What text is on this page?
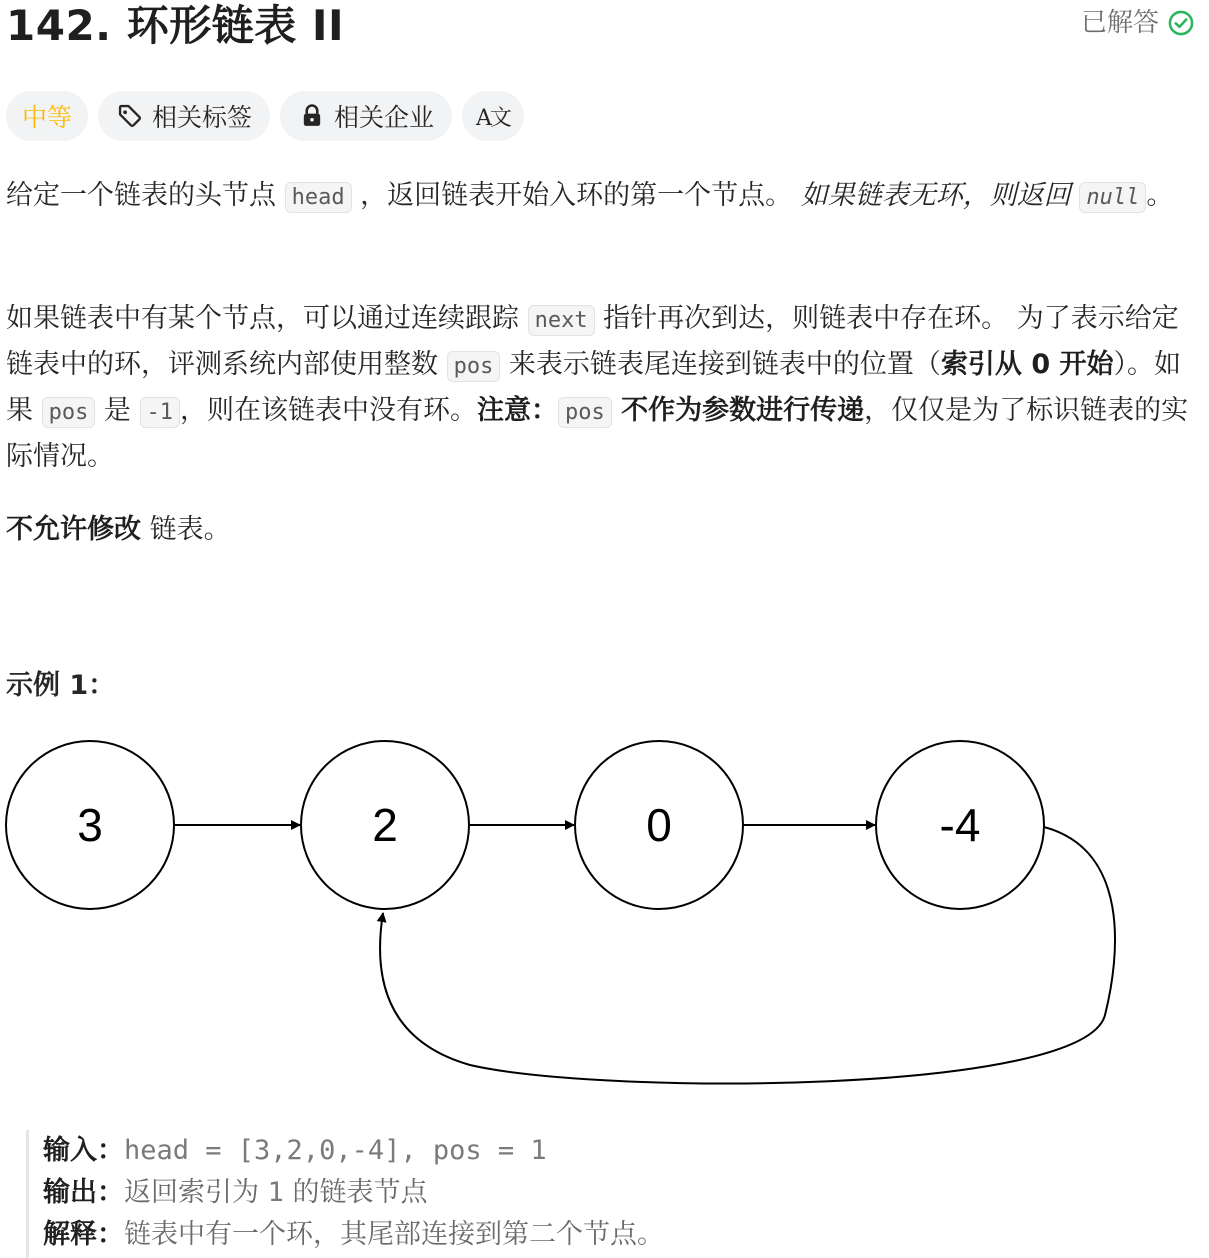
142. 环形链表 II	已解答
中等	相关标签	相关企业 A文
给定一个链表的头节点 head ，返回链表开始入环的第一个节点。 如果链表无环，则返回 null 。
如果链表中有某个节点，可以通过连续跟踪 next 指针再次到达，则链表中存在环。 为了表示给定链表中的环，评测系统内部使用整数 pos 来表示链表尾连接到链表中的位置（索引从 0 开始）。如果 pos 是 -1 ，则在该链表中没有环。注意： pos 不作为参数进行传递，仅仅是为了标识链表的实际情况。
不允许修改 链表。
示例 1：
3	2	0	-4
输入：head = [3,2,0,-4], pos = 1
输出：返回索引为 1 的链表节点
解释：链表中有一个环，其尾部连接到第二个节点。
